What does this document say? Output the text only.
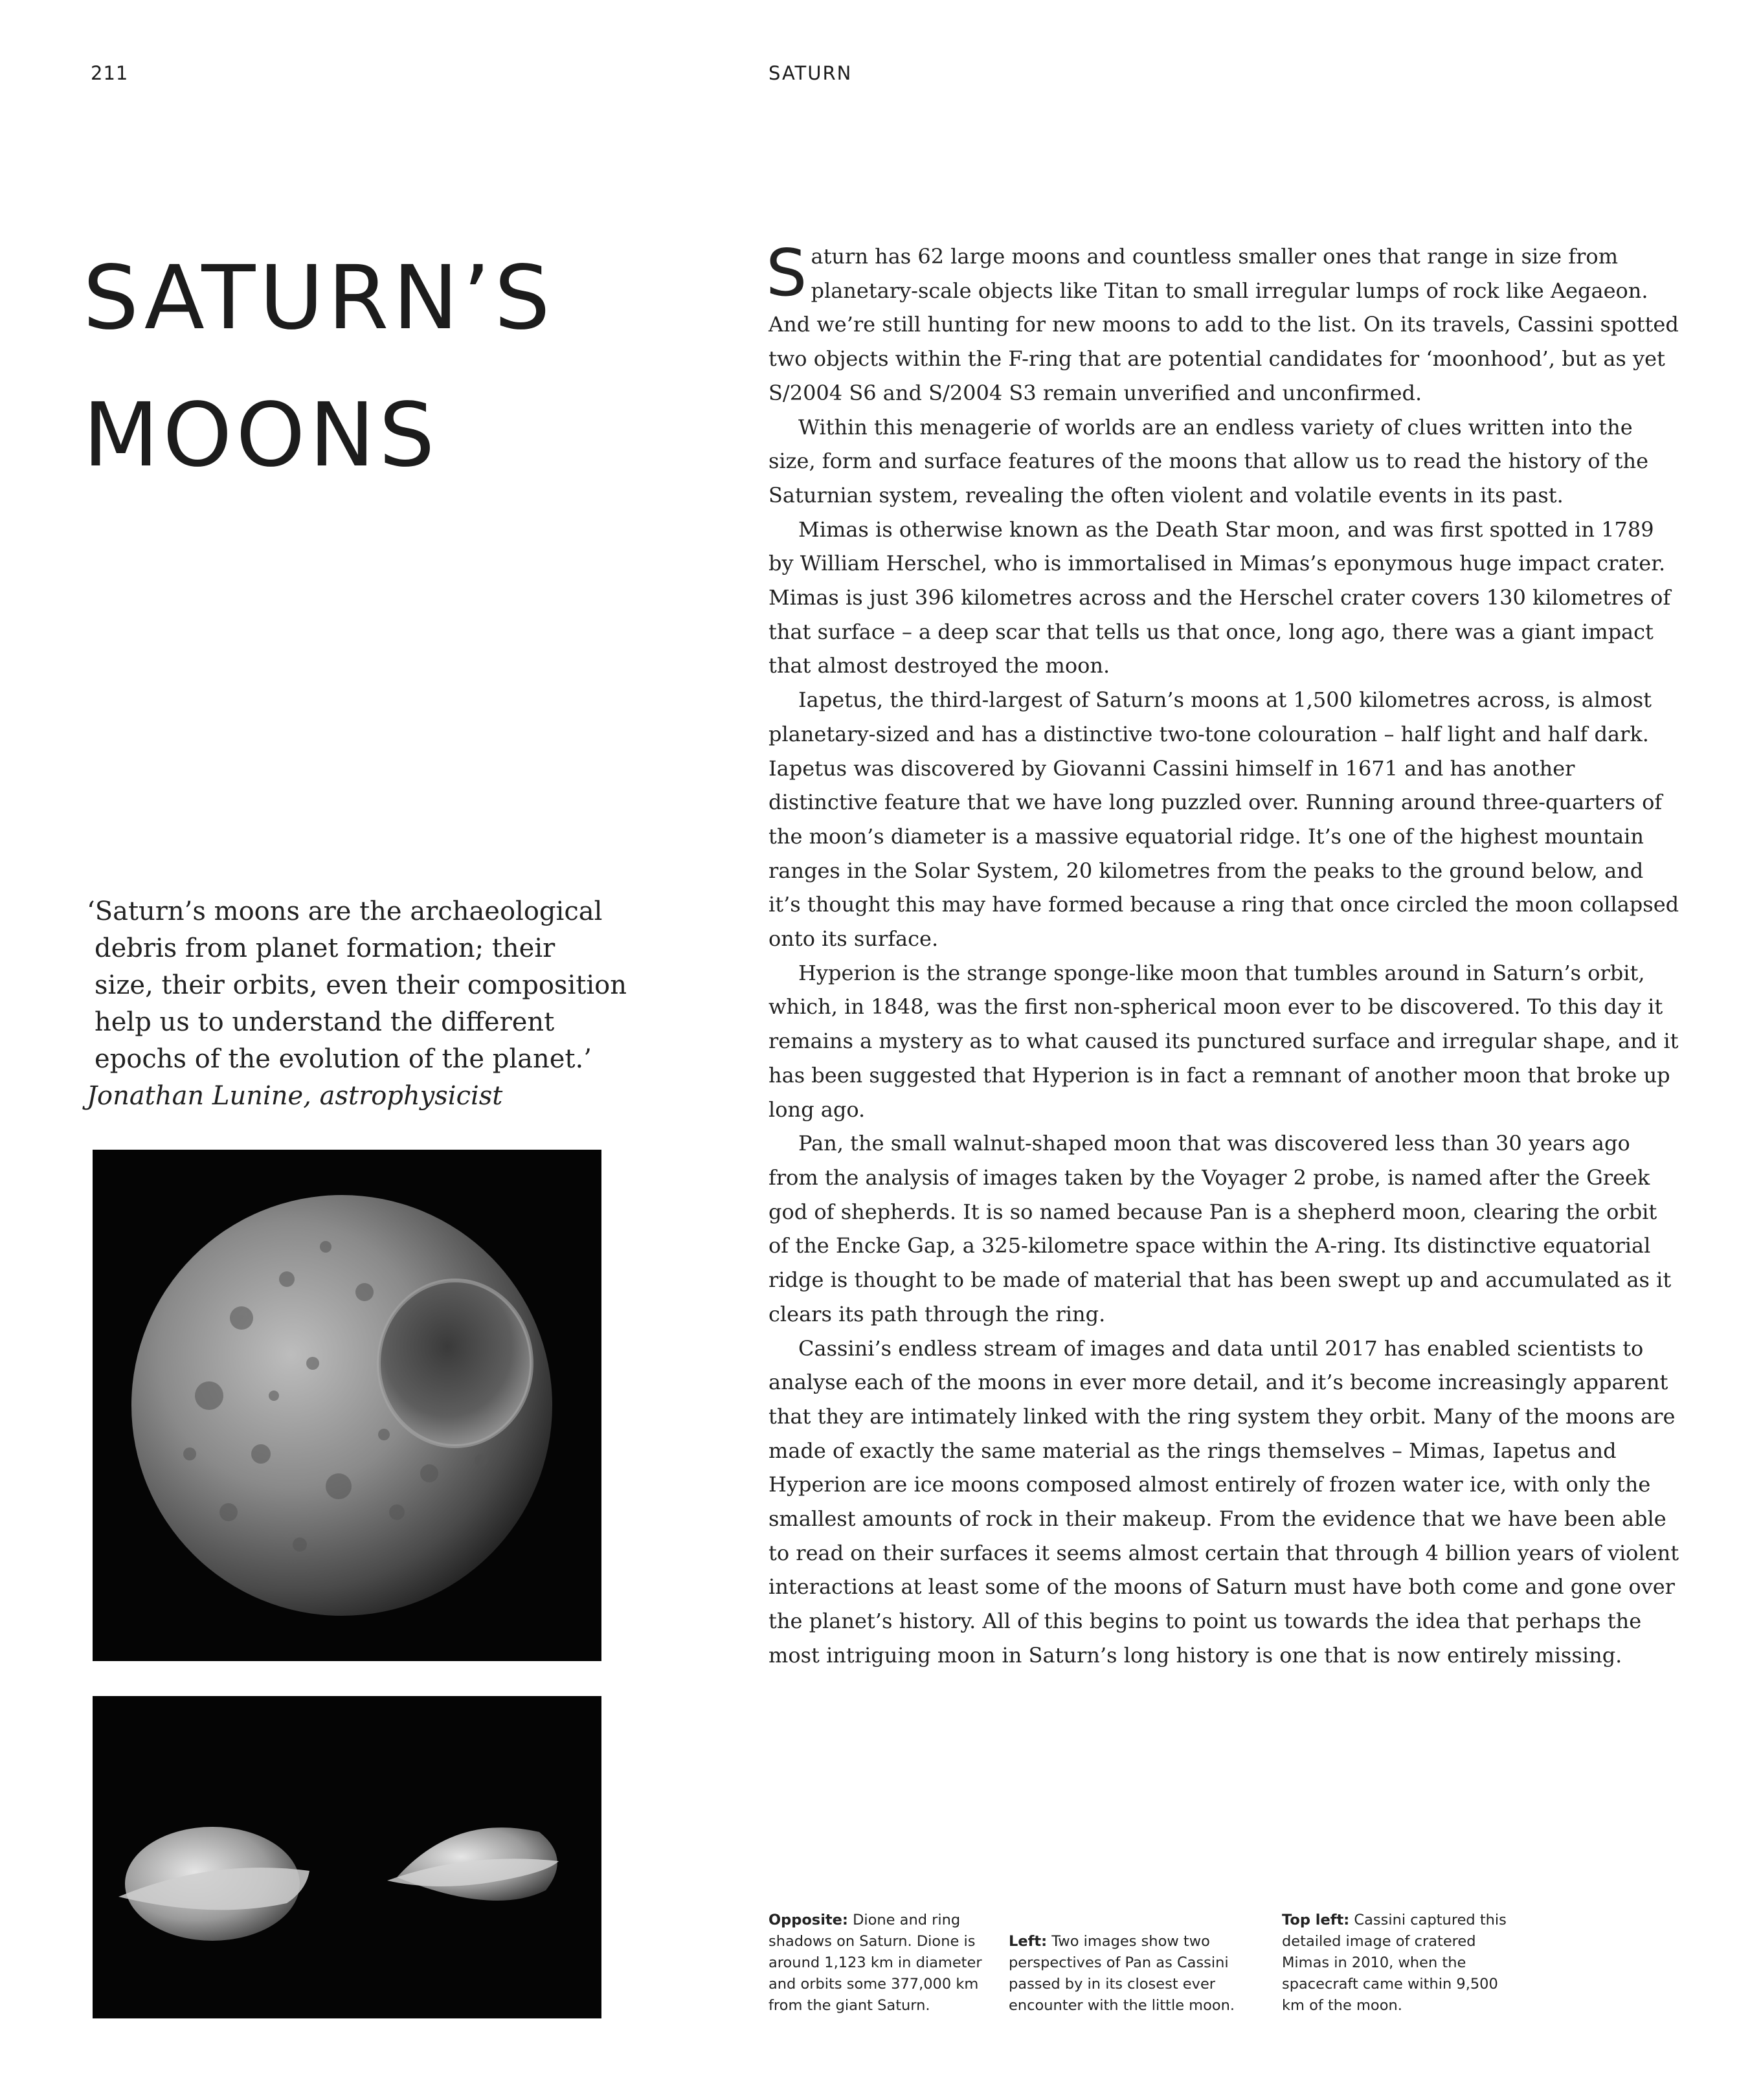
211	SATURN
SATURN’S
MOONS
‘Saturn’s moons are the archaeological
debris from planet formation; their
size, their orbits, even their composition
help us to understand the different
epochs of the evolution of the planet.’
Jonathan Lunine, astrophysicist

Saturn has 62 large moons and countless smaller ones that range in size from planetary-scale objects like Titan to small irregular lumps of rock like Aegaeon. And we’re still hunting for new moons to add to the list. On its travels, Cassini spotted two objects within the F-ring that are potential candidates for ‘moonhood’, but as yet S/2004 S6 and S/2004 S3 remain unverified and unconfirmed.

Within this menagerie of worlds are an endless variety of clues written into the size, form and surface features of the moons that allow us to read the history of the Saturnian system, revealing the often violent and volatile events in its past.

Mimas is otherwise known as the Death Star moon, and was first spotted in 1789 by William Herschel, who is immortalised in Mimas’s eponymous huge impact crater. Mimas is just 396 kilometres across and the Herschel crater covers 130 kilometres of that surface – a deep scar that tells us that once, long ago, there was a giant impact that almost destroyed the moon.

Iapetus, the third-largest of Saturn’s moons at 1,500 kilometres across, is almost planetary-sized and has a distinctive two-tone colouration – half light and half dark. Iapetus was discovered by Giovanni Cassini himself in 1671 and has another distinctive feature that we have long puzzled over. Running around three-quarters of the moon’s diameter is a massive equatorial ridge. It’s one of the highest mountain ranges in the Solar System, 20 kilometres from the peaks to the ground below, and it’s thought this may have formed because a ring that once circled the moon collapsed onto its surface.

Hyperion is the strange sponge-like moon that tumbles around in Saturn’s orbit, which, in 1848, was the first non-spherical moon ever to be discovered. To this day it remains a mystery as to what caused its punctured surface and irregular shape, and it has been suggested that Hyperion is in fact a remnant of another moon that broke up long ago.

Pan, the small walnut-shaped moon that was discovered less than 30 years ago from the analysis of images taken by the Voyager 2 probe, is named after the Greek god of shepherds. It is so named because Pan is a shepherd moon, clearing the orbit of the Encke Gap, a 325-kilometre space within the A-ring. Its distinctive equatorial ridge is thought to be made of material that has been swept up and accumulated as it clears its path through the ring.

Cassini’s endless stream of images and data until 2017 has enabled scientists to analyse each of the moons in ever more detail, and it’s become increasingly apparent that they are intimately linked with the ring system they orbit. Many of the moons are made of exactly the same material as the rings themselves – Mimas, Iapetus and Hyperion are ice moons composed almost entirely of frozen water ice, with only the smallest amounts of rock in their makeup. From the evidence that we have been able to read on their surfaces it seems almost certain that through 4 billion years of violent interactions at least some of the moons of Saturn must have both come and gone over the planet’s history. All of this begins to point us towards the idea that perhaps the most intriguing moon in Saturn’s long history is one that is now entirely missing.

Opposite: Dione and ring shadows on Saturn. Dione is around 1,123 km in diameter and orbits some 377,000 km from the giant Saturn.
Left: Two images show two perspectives of Pan as Cassini passed by in its closest ever encounter with the little moon.
Top left: Cassini captured this detailed image of cratered Mimas in 2010, when the spacecraft came within 9,500 km of the moon.
